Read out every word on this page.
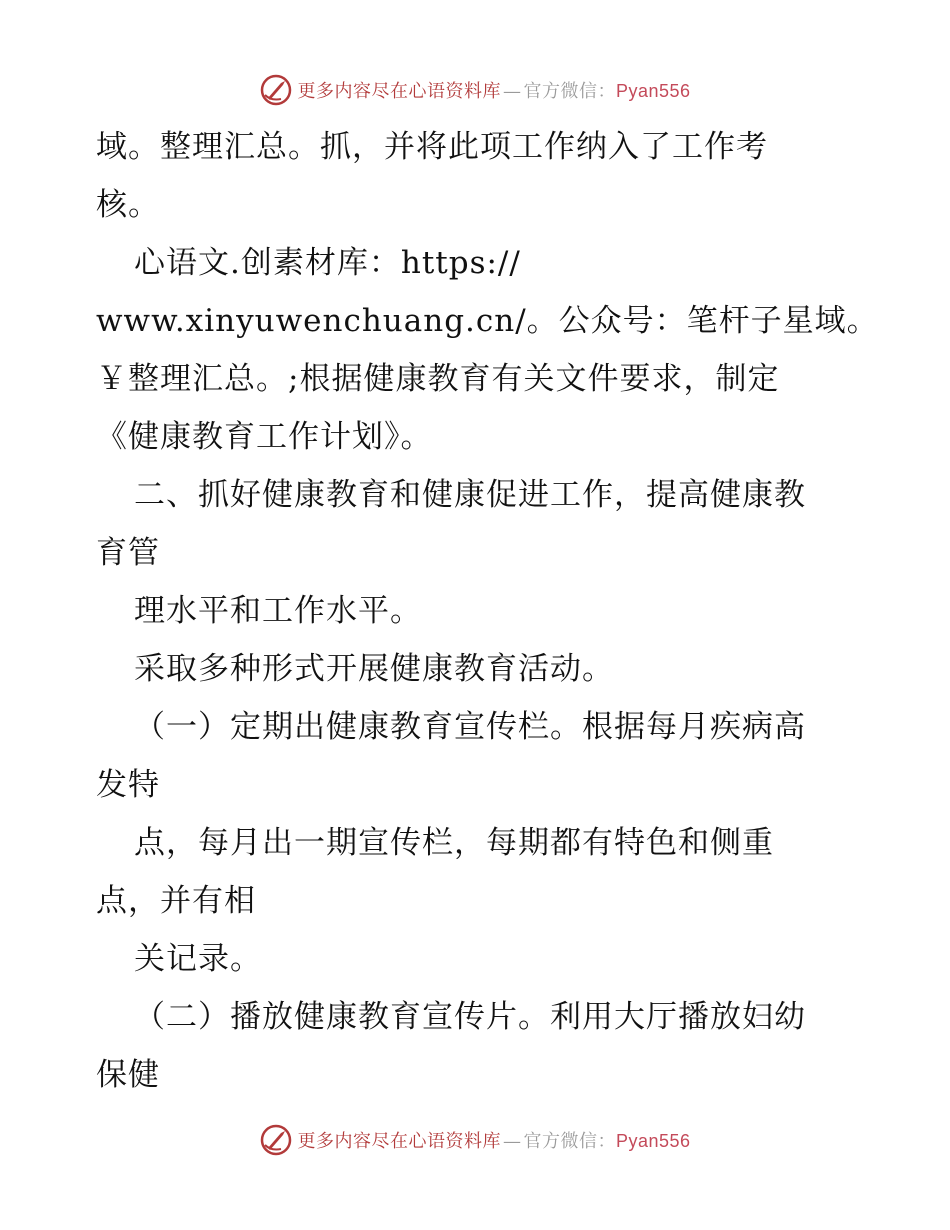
更多内容尽在心语资料库 — 官方微信：Pyan556
域。整理汇总。抓，并将此项工作纳入了工作考
核。
心语文.创素材库：https://
www.xinyuwenchuang.cn/。公众号：笔杆子星域。
￥整理汇总。;根据健康教育有关文件要求，制定
《健康教育工作计划》。
二、抓好健康教育和健康促进工作，提高健康教
育管
理水平和工作水平。
采取多种形式开展健康教育活动。
（一）定期出健康教育宣传栏。根据每月疾病高
发特
点，每月出一期宣传栏，每期都有特色和侧重
点，并有相
关记录。
（二）播放健康教育宣传片。利用大厅播放妇幼
保健
更多内容尽在心语资料库 — 官方微信：Pyan556
